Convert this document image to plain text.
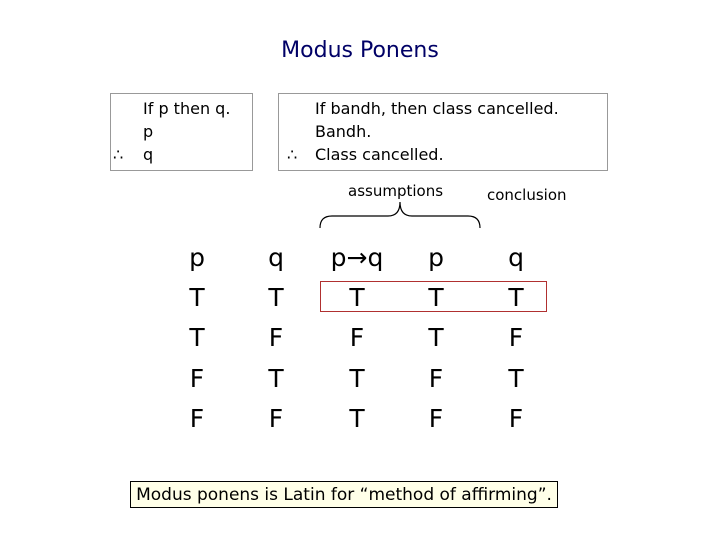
Modus Ponens
If p then q.
p
∴ q
If bandh, then class cancelled.
Bandh.
∴ Class cancelled.
assumptions	conclusion
p	q	p→q	p	q
T	T	T	T	T
T	F	F	T	F
F	T	T	F	T
F	F	T	F	F
Modus ponens is Latin for “method of affirming”.
